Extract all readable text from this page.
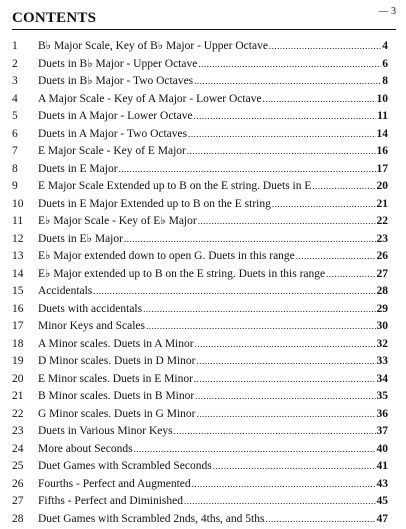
— 3
CONTENTS
1	B♭ Major Scale, Key of B♭ Major - Upper Octave .....	4
2	Duets in B♭ Major - Upper Octave .....	6
3	Duets in B♭ Major - Two Octaves .....	8
4	A Major Scale - Key of A Major - Lower Octave .....	10
5	Duets in A Major - Lower Octave .....	11
6	Duets in A Major - Two Octaves .....	14
7	E Major Scale - Key of E Major .....	16
8	Duets in E Major .....	17
9	E Major Scale Extended up to B on the E string. Duets in E .....	20
10	Duets in E Major Extended up to B on the E string .....	21
11	E♭ Major Scale - Key of E♭ Major .....	22
12	Duets in E♭ Major .....	23
13	E♭ Major extended down to open G. Duets in this range .....	26
14	E♭ Major extended up to B on the E string. Duets in this range .....	27
15	Accidentals .....	28
16	Duets with accidentals .....	29
17	Minor Keys and Scales .....	30
18	A Minor scales. Duets in A Minor .....	32
19	D Minor scales. Duets in D Minor .....	33
20	E Minor scales. Duets in E Minor .....	34
21	B Minor scales. Duets in B Minor .....	35
22	G Minor scales. Duets in G Minor .....	36
23	Duets in Various Minor Keys .....	37
24	More about Seconds .....	40
25	Duet Games with Scrambled Seconds .....	41
26	Fourths - Perfect and Augmented .....	43
27	Fifths - Perfect and Diminished .....	45
28	Duet Games with Scrambled 2nds, 4ths, and 5ths .....	47
